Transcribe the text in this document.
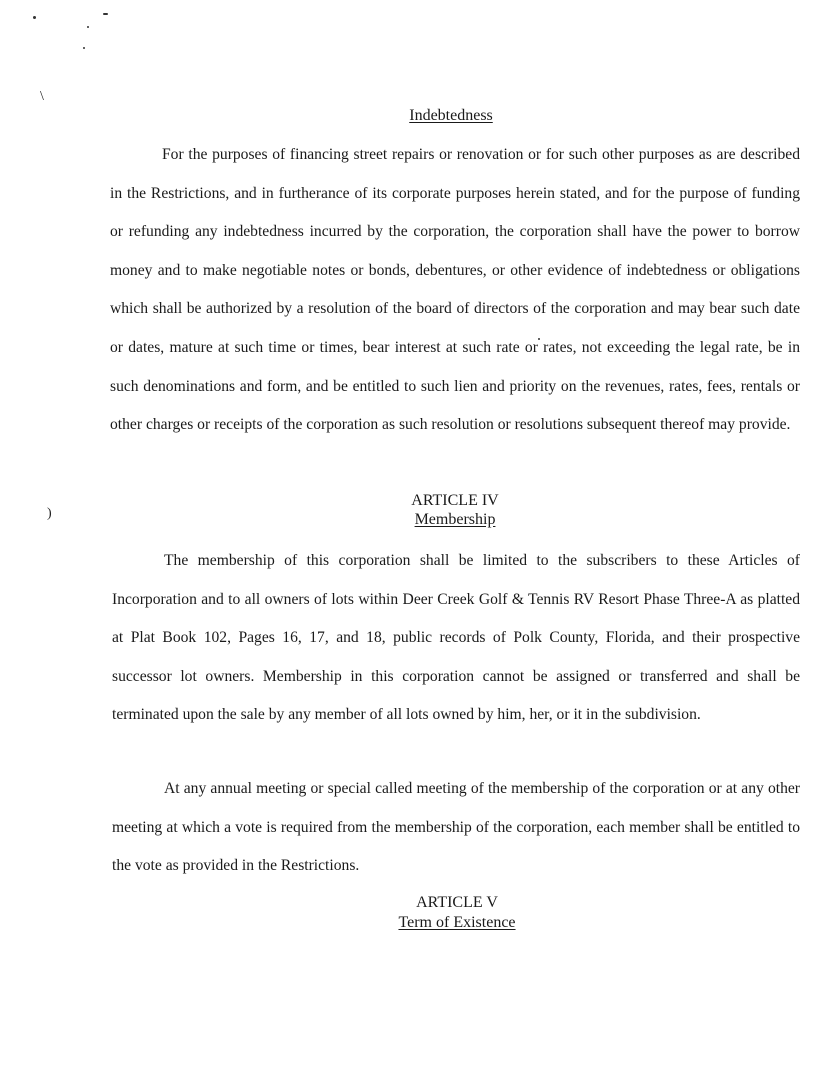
\
)
Indebtedness

For the purposes of financing street repairs or renovation or for such other purposes as are described in the Restrictions, and in furtherance of its corporate purposes herein stated, and for the purpose of funding or refunding any indebtedness incurred by the corporation, the corporation shall have the power to borrow money and to make negotiable notes or bonds, debentures, or other evidence of indebtedness or obligations which shall be authorized by a resolution of the board of directors of the corporation and may bear such date or dates, mature at such time or times, bear interest at such rate or rates, not exceeding the legal rate, be in such denominations and form, and be entitled to such lien and priority on the revenues, rates, fees, rentals or other charges or receipts of the corporation as such resolution or resolutions subsequent thereof may provide.

ARTICLE IV
Membership

The membership of this corporation shall be limited to the subscribers to these Articles of Incorporation and to all owners of lots within Deer Creek Golf & Tennis RV Resort Phase Three-A as platted at Plat Book 102, Pages 16, 17, and 18, public records of Polk County, Florida, and their prospective successor lot owners. Membership in this corporation cannot be assigned or transferred and shall be terminated upon the sale by any member of all lots owned by him, her, or it in the subdivision.

At any annual meeting or special called meeting of the membership of the corporation or at any other meeting at which a vote is required from the membership of the corporation, each member shall be entitled to the vote as provided in the Restrictions.

ARTICLE V
Term of Existence
